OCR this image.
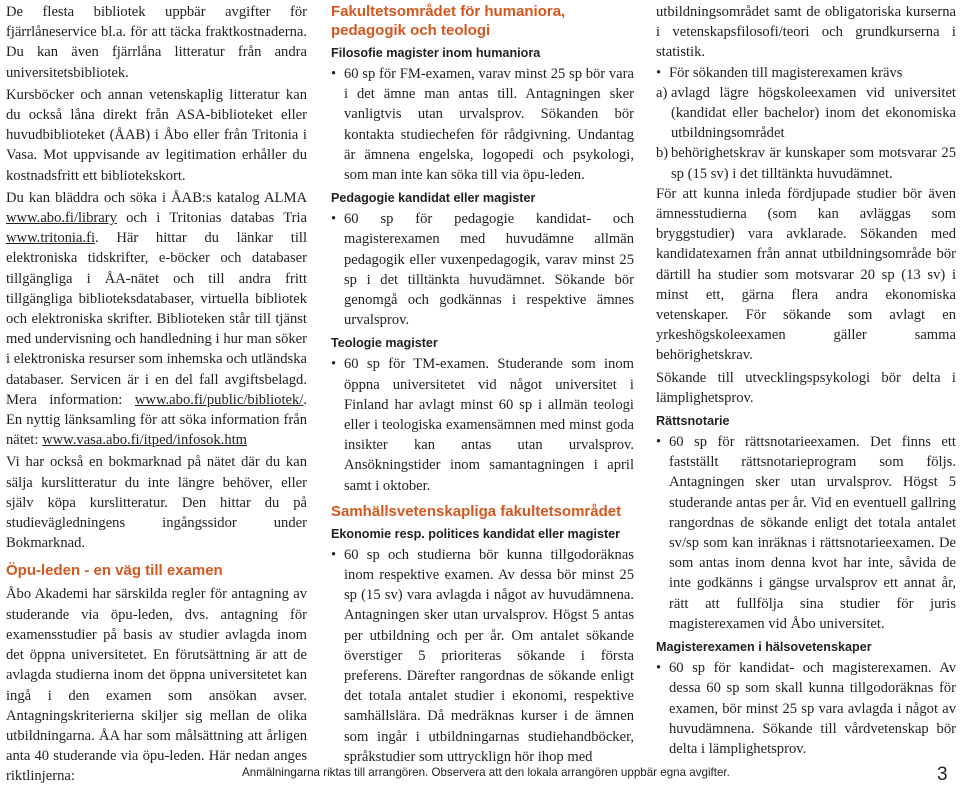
De flesta bibliotek uppbär avgifter för fjärrlåneservice bl.a. för att täcka fraktkostnaderna. Du kan även fjärrlåna litteratur från andra universitetsbibliotek.

Kursböcker och annan vetenskaplig litteratur kan du också låna direkt från ASA-biblioteket eller huvudbiblioteket (ÅAB) i Åbo eller från Tritonia i Vasa. Mot uppvisande av legitimation erhåller du kostnadsfritt ett bibliotekskort.

Du kan bläddra och söka i ÅAB:s katalog ALMA www.abo.fi/library och i Tritonias databas Tria www.tritonia.fi. Här hittar du länkar till elektroniska tidskrifter, e-böcker och databaser tillgängliga i ÅA-nätet och till andra fritt tillgängliga biblioteksdatabaser, virtuella bibliotek och elektroniska skrifter. Biblioteken står till tjänst med undervisning och handledning i hur man söker i elektroniska resurser som inhemska och utländska databaser. Servicen är i en del fall avgiftsbelagd. Mera information: www.abo.fi/public/bibliotek/. En nyttig länksamling för att söka information från nätet: www.vasa.abo.fi/itped/infosok.htm

Vi har också en bokmarknad på nätet där du kan sälja kurslitteratur du inte längre behöver, eller själv köpa kurslitteratur. Den hittar du på studievägledningens ingångssidor under Bokmarknad.

Öpu-leden - en väg till examen

Åbo Akademi har särskilda regler för antagning av studerande via öpu-leden, dvs. antagning för examensstudier på basis av studier avlagda inom det öppna universitetet. En förutsättning är att de avlagda studierna inom det öppna universitetet kan ingå i den examen som ansökan avser. Antagningskriterierna skiljer sig mellan de olika utbildningarna. ÅA har som målsättning att årligen anta 40 studerande via öpu-leden. Här nedan anges riktlinjerna:

Fakultetsområdet för humaniora, pedagogik och teologi
Filosofie magister inom humaniora

• 60 sp för FM-examen, varav minst 25 sp bör vara i det ämne man antas till. Antagningen sker vanligtvis utan urvalsprov. Sökanden bör kontakta studiechefen för rådgivning. Undantag är ämnena engelska, logopedi och psykologi, som man inte kan söka till via öpu-leden.

Pedagogie kandidat eller magister

• 60 sp för pedagogie kandidat- och magisterexamen med huvudämne allmän pedagogik eller vuxenpedagogik, varav minst 25 sp i det tilltänkta huvudämnet. Sökande bör genomgå och godkännas i respektive ämnes urvalsprov.

Teologie magister

• 60 sp för TM-examen. Studerande som inom öppna universitetet vid något universitet i Finland har avlagt minst 60 sp i allmän teologi eller i teologiska examensämnen med minst goda insikter kan antas utan urvalsprov. Ansökningstider inom samantagningen i april samt i oktober.

Samhällsvetenskapliga fakultetsområdet
Ekonomie resp. politices kandidat eller magister

• 60 sp och studierna bör kunna tillgodoräknas inom respektive examen. Av dessa bör minst 25 sp (15 sv) vara avlagda i något av huvudämnena. Antagningen sker utan urvalsprov. Högst 5 antas per utbildning och per år. Om antalet sökande överstiger 5 prioriteras sökande i första preferens. Därefter rangordnas de sökande enligt det totala antalet studier i ekonomi, respektive samhällslära. Då medräknas kurser i de ämnen som ingår i utbildningarnas studiehandböcker, språkstudier som uttrycklign hör ihop med

utbildningsområdet samt de obligatoriska kurserna i vetenskapsfilosofi/teori och grundkurserna i statistik.

• För sökanden till magisterexamen krävs

a) avlagd lägre högskoleexamen vid universitet (kandidat eller bachelor) inom det ekonomiska utbildningsområdet

b) behörighetskrav är kunskaper som motsvarar 25 sp (15 sv) i det tilltänkta huvudämnet.

För att kunna inleda fördjupade studier bör även ämnesstudierna (som kan avläggas som bryggstudier) vara avklarade. Sökanden med kandidatexamen från annat utbildningsområde bör därtill ha studier som motsvarar 20 sp (13 sv) i minst ett, gärna flera andra ekonomiska vetenskaper. För sökande som avlagt en yrkeshögskoleexamen gäller samma behörighetskrav.

Sökande till utvecklingspsykologi bör delta i lämplighetsprov.

Rättsnotarie

• 60 sp för rättsnotarieexamen. Det finns ett fastställt rättsnotarieprogram som följs. Antagningen sker utan urvalsprov. Högst 5 studerande antas per år. Vid en eventuell gallring rangordnas de sökande enligt det totala antalet sv/sp som kan inräknas i rättsnotarieexamen. De som antas inom denna kvot har inte, såvida de inte godkänns i gängse urvalsprov ett annat år, rätt att fullfölja sina studier för juris magisterexamen vid Åbo universitet.

Magisterexamen i hälsovetenskaper

• 60 sp för kandidat- och magisterexamen. Av dessa 60 sp som skall kunna tillgodoräknas för examen, bör minst 25 sp vara avlagda i något av huvudämnena. Sökande till vårdvetenskap bör delta i lämplighetsprov.

Anmälningarna riktas till arrangören. Observera att den lokala arrangören uppbär egna avgifter.	3
